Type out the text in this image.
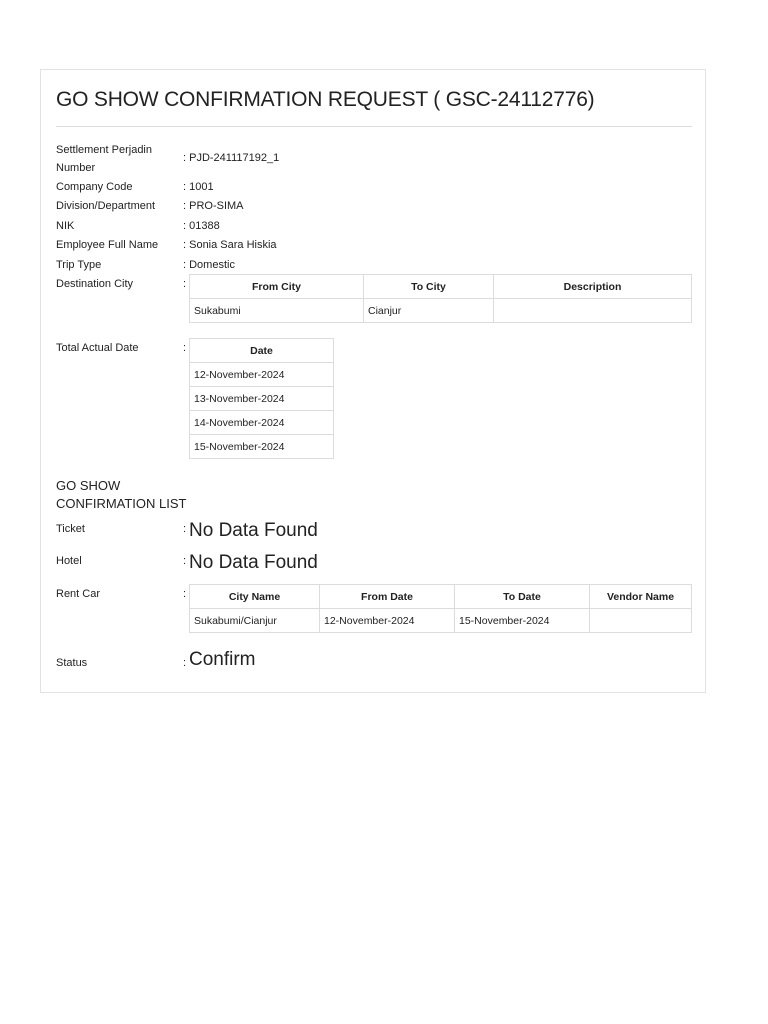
GO SHOW CONFIRMATION REQUEST ( GSC-24112776)
Settlement Perjadin
Number
: PJD-241117192_1
Company Code	: 1001
Division/Department	: PRO-SIMA
NIK	: 01388
Employee Full Name : Sonia Sara Hiskia
Trip Type	: Domestic
Destination City	:	From City	To City	Description
Sukabumi	Cianjur	
Total Actual Date	:	Date
12-November-2024
13-November-2024
14-November-2024
15-November-2024
GO SHOW
CONFIRMATION LIST
Ticket	: No Data Found
Hotel	: No Data Found
Rent Car	:	City Name	From Date	To Date	Vendor Name
Sukabumi/Cianjur	12-November-2024	15-November-2024	
Status	: Confirm
